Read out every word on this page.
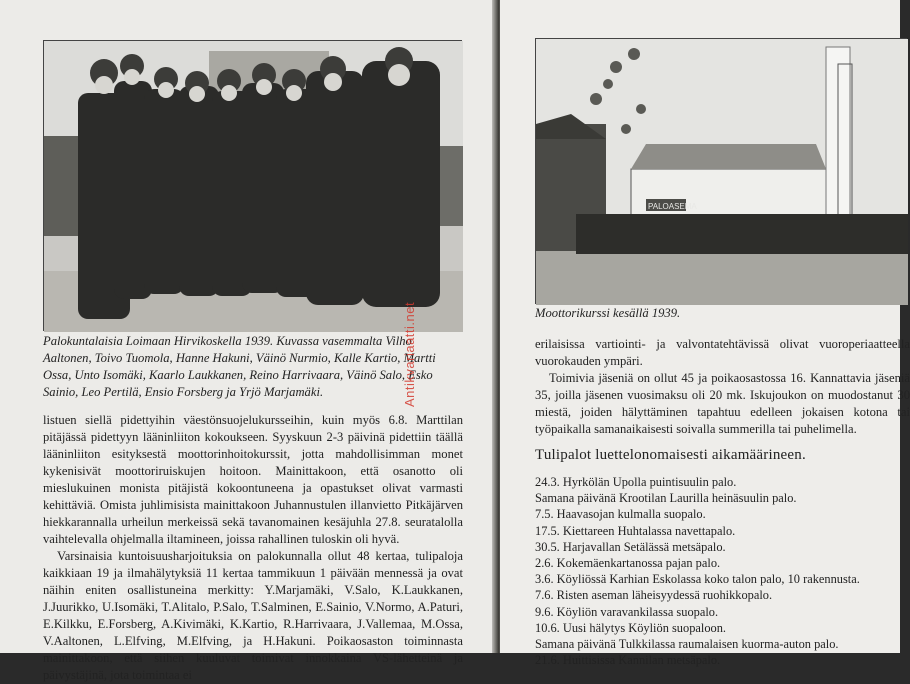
Palokuntalaisia Loimaan Hirvikoskella 1939. Kuvassa vasemmalta Vilho Aaltonen, Toivo Tuomola, Hanne Hakuni, Väinö Nurmio, Kalle Kartio, Martti Ossa, Unto Isomäki, Kaarlo Laukkanen, Reino Harrivaara, Väinö Salo, Esko Sainio, Leo Pertilä, Ensio Forsberg ja Yrjö Marjamäki.

listuen siellä pidettyihin väestönsuojelukursseihin, kuin myös 6.8. Marttilan pitäjässä pidettyyn lääninliiton kokoukseen. Syyskuun 2-3 päivinä pidettiin täällä lääninliiton esityksestä moottorinhoitokurssit, jotta mahdollisimman monet kykenisivät moottoriruiskujen hoitoon. Mainittakoon, että osanotto oli mieslukuinen monista pitäjistä kokoontuneena ja opastukset olivat varmasti kehittäviä. Omista juhlimisista mainittakoon Juhannustulen illanvietto Pitkäjärven hiekkarannalla urheilun merkeissä sekä tavanomainen kesäjuhla 27.8. seuratalolla vaihtelevalla ohjelmalla iltamineen, joissa rahallinen tuloskin oli hyvä.

Varsinaisia kuntoisuusharjoituksia on palokunnalla ollut 48 kertaa, tulipaloja kaikkiaan 19 ja ilmahälytyksiä 11 kertaa tammikuun 1 päivään mennessä ja ovat näihin eniten osallistuneina merkitty: Y.Marjamäki, V.Salo, K.Laukkanen, J.Juurikko, U.Isomäki, T.Alitalo, P.Salo, T.Salminen, E.Sainio, V.Normo, A.Paturi, E.Kilkku, E.Forsberg, A.Kivimäki, K.Kartio, R.Harrivaara, J.Vallemaa, M.Ossa, V.Aaltonen, L.Elfving, M.Elfving, ja H.Hakuni. Poikaosaston toiminnasta mainittakoon, että siihen kuuluvat toimivat innokkaina VS-lähetteinä ja päivystäjinä, jota toimintaa ei

Antikvariaatti.net
PALOASEMA
Moottorikurssi kesällä 1939.

erilaisissa vartiointi- ja valvontatehtävissä olivat vuoroperiaatteella vuorokauden ympäri.

Toimivia jäseniä on ollut 45 ja poikaosastossa 16. Kannattavia jäseniä 35, joilla jäsenen vuosimaksu oli 20 mk. Iskujoukon on muodostanut 30 miestä, joiden hälyttäminen tapahtuu edelleen jokaisen kotona tai työpaikalla samanaikaisesti soivalla summerilla tai puhelimella.

Tulipalot luettelonomaisesti aikamäärineen.
24.3. Hyrkölän Upolla puintisuulin palo.
Samana päivänä Krootilan Laurilla heinäsuulin palo.
7.5. Haavasojan kulmalla suopalo.
17.5. Kiettareen Huhtalassa navettapalo.
30.5. Harjavallan Setälässä metsäpalo.
2.6. Kokemäenkartanossa pajan palo.
3.6. Köyliössä Karhian Eskolassa koko talon palo, 10 rakennusta.
7.6. Risten aseman läheisyydessä ruohikkopalo.
9.6. Köyliön varavankilassa suopalo.
10.6. Uusi hälytys Köyliön suopaloon.
Samana päivänä Tulkkilassa raumalaisen kuorma-auton palo.
21.6. Huittisissa Kannilan metsäpalo.
